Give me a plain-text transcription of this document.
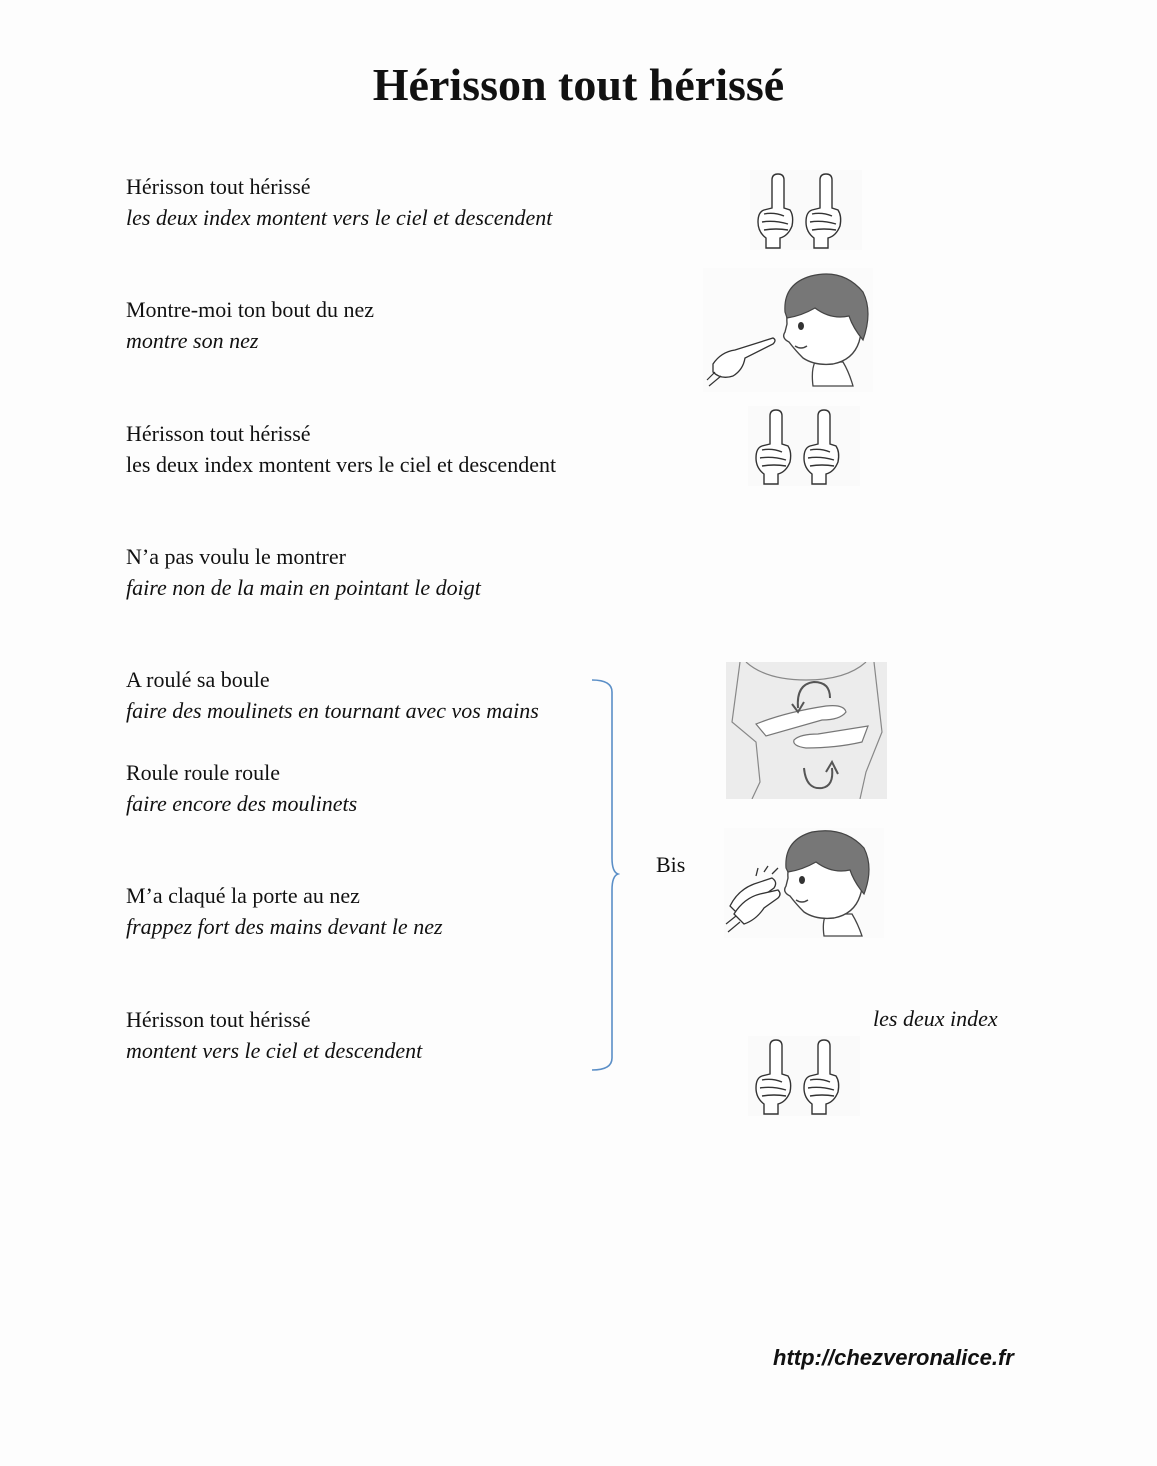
Hérisson tout hérissé
Hérisson tout hérissé
les deux index montent vers le ciel et descendent
Montre-moi ton bout du nez
montre son nez
Hérisson tout hérissé
les deux index montent vers le ciel et descendent
N’a pas voulu le montrer
faire non de la main en pointant le doigt
A roulé sa boule
faire des moulinets en tournant avec vos mains
Roule roule roule
faire encore des moulinets
M’a claqué la porte au nez
frappez fort des mains devant le nez
Hérisson tout hérissé
montent vers le ciel et descendent
Bis
les deux index
http://chezveronalice.fr
